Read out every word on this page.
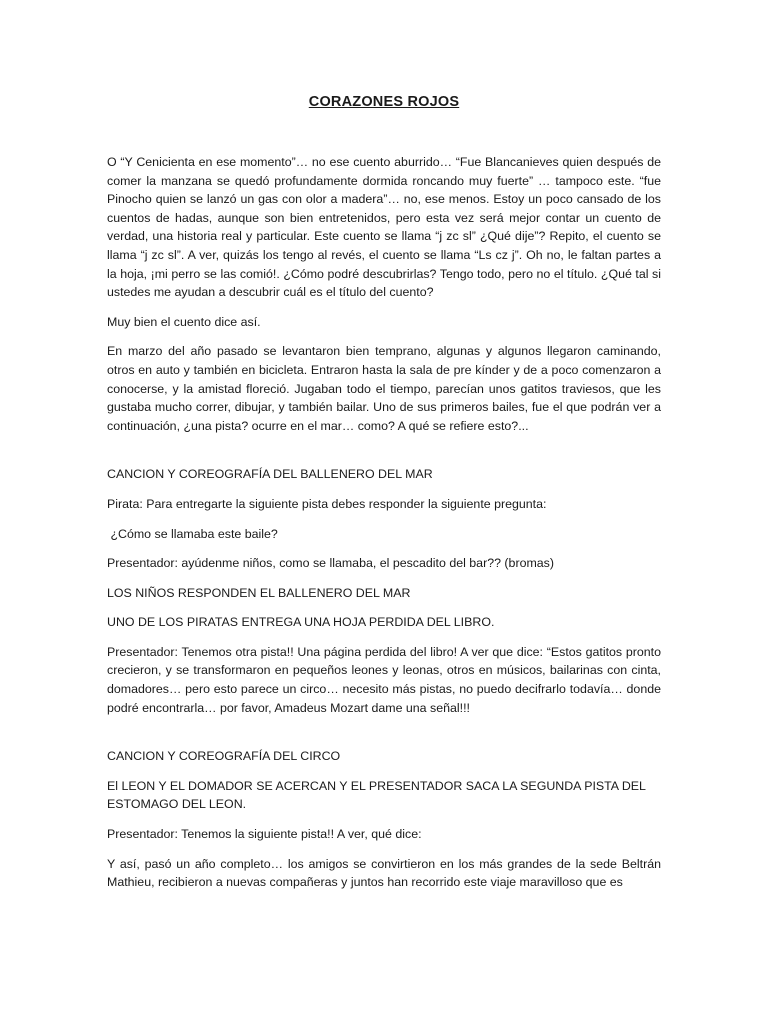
CORAZONES ROJOS

O “Y Cenicienta en ese momento”… no ese cuento aburrido… “Fue Blancanieves quien después de comer la manzana se quedó profundamente dormida roncando muy fuerte” … tampoco este. “fue Pinocho quien se lanzó un gas con olor a madera”… no, ese menos. Estoy un poco cansado de los cuentos de hadas, aunque son bien entretenidos, pero esta vez será mejor contar un cuento de verdad, una historia real y particular. Este cuento se llama “j zc sl” ¿Qué dije”? Repito, el cuento se llama “j zc sl”. A ver, quizás los tengo al revés, el cuento se llama “Ls cz j”. Oh no, le faltan partes a la hoja, ¡mi perro se las comió!. ¿Cómo podré descubrirlas? Tengo todo, pero no el título. ¿Qué tal si ustedes me ayudan a descubrir cuál es el título del cuento?

Muy bien el cuento dice así.

En marzo del año pasado se levantaron bien temprano, algunas y algunos llegaron caminando, otros en auto y también en bicicleta. Entraron hasta la sala de pre kínder y de a poco comenzaron a conocerse, y la amistad floreció. Jugaban todo el tiempo, parecían unos gatitos traviesos, que les gustaba mucho correr, dibujar, y también bailar. Uno de sus primeros bailes, fue el que podrán ver a continuación, ¿una pista? ocurre en el mar… como? A qué se refiere esto?...

CANCION Y COREOGRAFÍA DEL BALLENERO DEL MAR

Pirata: Para entregarte la siguiente pista debes responder la siguiente pregunta:

¿Cómo se llamaba este baile?

Presentador: ayúdenme niños, como se llamaba, el pescadito del bar?? (bromas)

LOS NIÑOS RESPONDEN EL BALLENERO DEL MAR

UNO DE LOS PIRATAS ENTREGA UNA HOJA PERDIDA DEL LIBRO.

Presentador: Tenemos otra pista!! Una página perdida del libro! A ver que dice: “Estos gatitos pronto crecieron, y se transformaron en pequeños leones y leonas, otros en músicos, bailarinas con cinta, domadores… pero esto parece un circo… necesito más pistas, no puedo decifrarlo todavía… donde podré encontrarla… por favor, Amadeus Mozart dame una señal!!!

CANCION Y COREOGRAFÍA DEL CIRCO

El LEON Y EL DOMADOR SE ACERCAN Y EL PRESENTADOR SACA LA SEGUNDA PISTA DEL ESTOMAGO DEL LEON.

Presentador: Tenemos la siguiente pista!! A ver, qué dice:

Y así, pasó un año completo… los amigos se convirtieron en los más grandes de la sede Beltrán Mathieu, recibieron a nuevas compañeras y juntos han recorrido este viaje maravilloso que es
